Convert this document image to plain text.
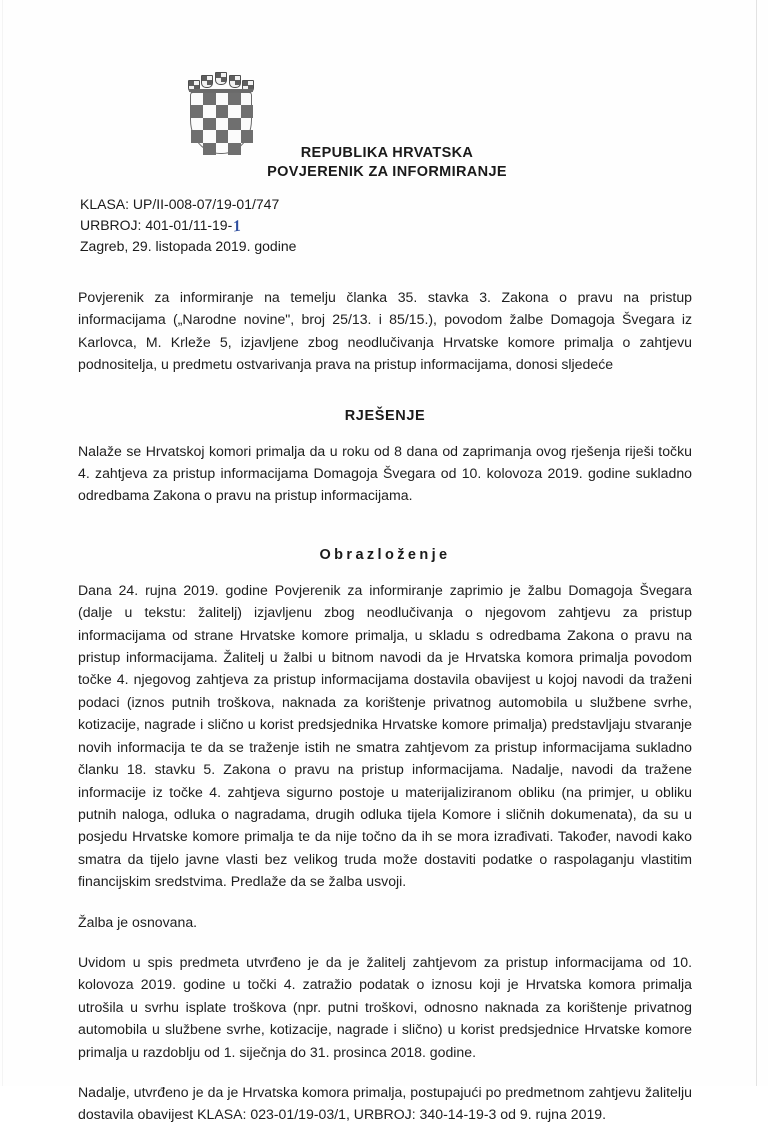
REPUBLIKA HRVATSKA
POVJERENIK ZA INFORMIRANJE
KLASA: UP/II-008-07/19-01/747
URBROJ: 401-01/11-19-1
Zagreb, 29. listopada 2019. godine

Povjerenik za informiranje na temelju članka 35. stavka 3. Zakona o pravu na pristup informacijama („Narodne novine", broj 25/13. i 85/15.), povodom žalbe Domagoja Švegara iz Karlovca, M. Krleže 5, izjavljene zbog neodlučivanja Hrvatske komore primalja o zahtjevu podnositelja, u predmetu ostvarivanja prava na pristup informacijama, donosi sljedeće

RJEŠENJE

Nalaže se Hrvatskoj komori primalja da u roku od 8 dana od zaprimanja ovog rješenja riješi točku 4. zahtjeva za pristup informacijama Domagoja Švegara od 10. kolovoza 2019. godine sukladno odredbama Zakona o pravu na pristup informacijama.

Obrazloženje

Dana 24. rujna 2019. godine Povjerenik za informiranje zaprimio je žalbu Domagoja Švegara (dalje u tekstu: žalitelj) izjavljenu zbog neodlučivanja o njegovom zahtjevu za pristup informacijama od strane Hrvatske komore primalja, u skladu s odredbama Zakona o pravu na pristup informacijama. Žalitelj u žalbi u bitnom navodi da je Hrvatska komora primalja povodom točke 4. njegovog zahtjeva za pristup informacijama dostavila obavijest u kojoj navodi da traženi podaci (iznos putnih troškova, naknada za korištenje privatnog automobila u službene svrhe, kotizacije, nagrade i slično u korist predsjednika Hrvatske komore primalja) predstavljaju stvaranje novih informacija te da se traženje istih ne smatra zahtjevom za pristup informacijama sukladno članku 18. stavku 5. Zakona o pravu na pristup informacijama. Nadalje, navodi da tražene informacije iz točke 4. zahtjeva sigurno postoje u materijaliziranom obliku (na primjer, u obliku putnih naloga, odluka o nagradama, drugih odluka tijela Komore i sličnih dokumenata), da su u posjedu Hrvatske komore primalja te da nije točno da ih se mora izrađivati. Također, navodi kako smatra da tijelo javne vlasti bez velikog truda može dostaviti podatke o raspolaganju vlastitim financijskim sredstvima. Predlaže da se žalba usvoji.

Žalba je osnovana.

Uvidom u spis predmeta utvrđeno je da je žalitelj zahtjevom za pristup informacijama od 10. kolovoza 2019. godine u točki 4. zatražio podatak o iznosu koji je Hrvatska komora primalja utrošila u svrhu isplate troškova (npr. putni troškovi, odnosno naknada za korištenje privatnog automobila u službene svrhe, kotizacije, nagrade i slično) u korist predsjednice Hrvatske komore primalja u razdoblju od 1. siječnja do 31. prosinca 2018. godine.

Nadalje, utvrđeno je da je Hrvatska komora primalja, postupajući po predmetnom zahtjevu žalitelju dostavila obavijest KLASA: 023-01/19-03/1, URBROJ: 340-14-19-3 od 9. rujna 2019.
